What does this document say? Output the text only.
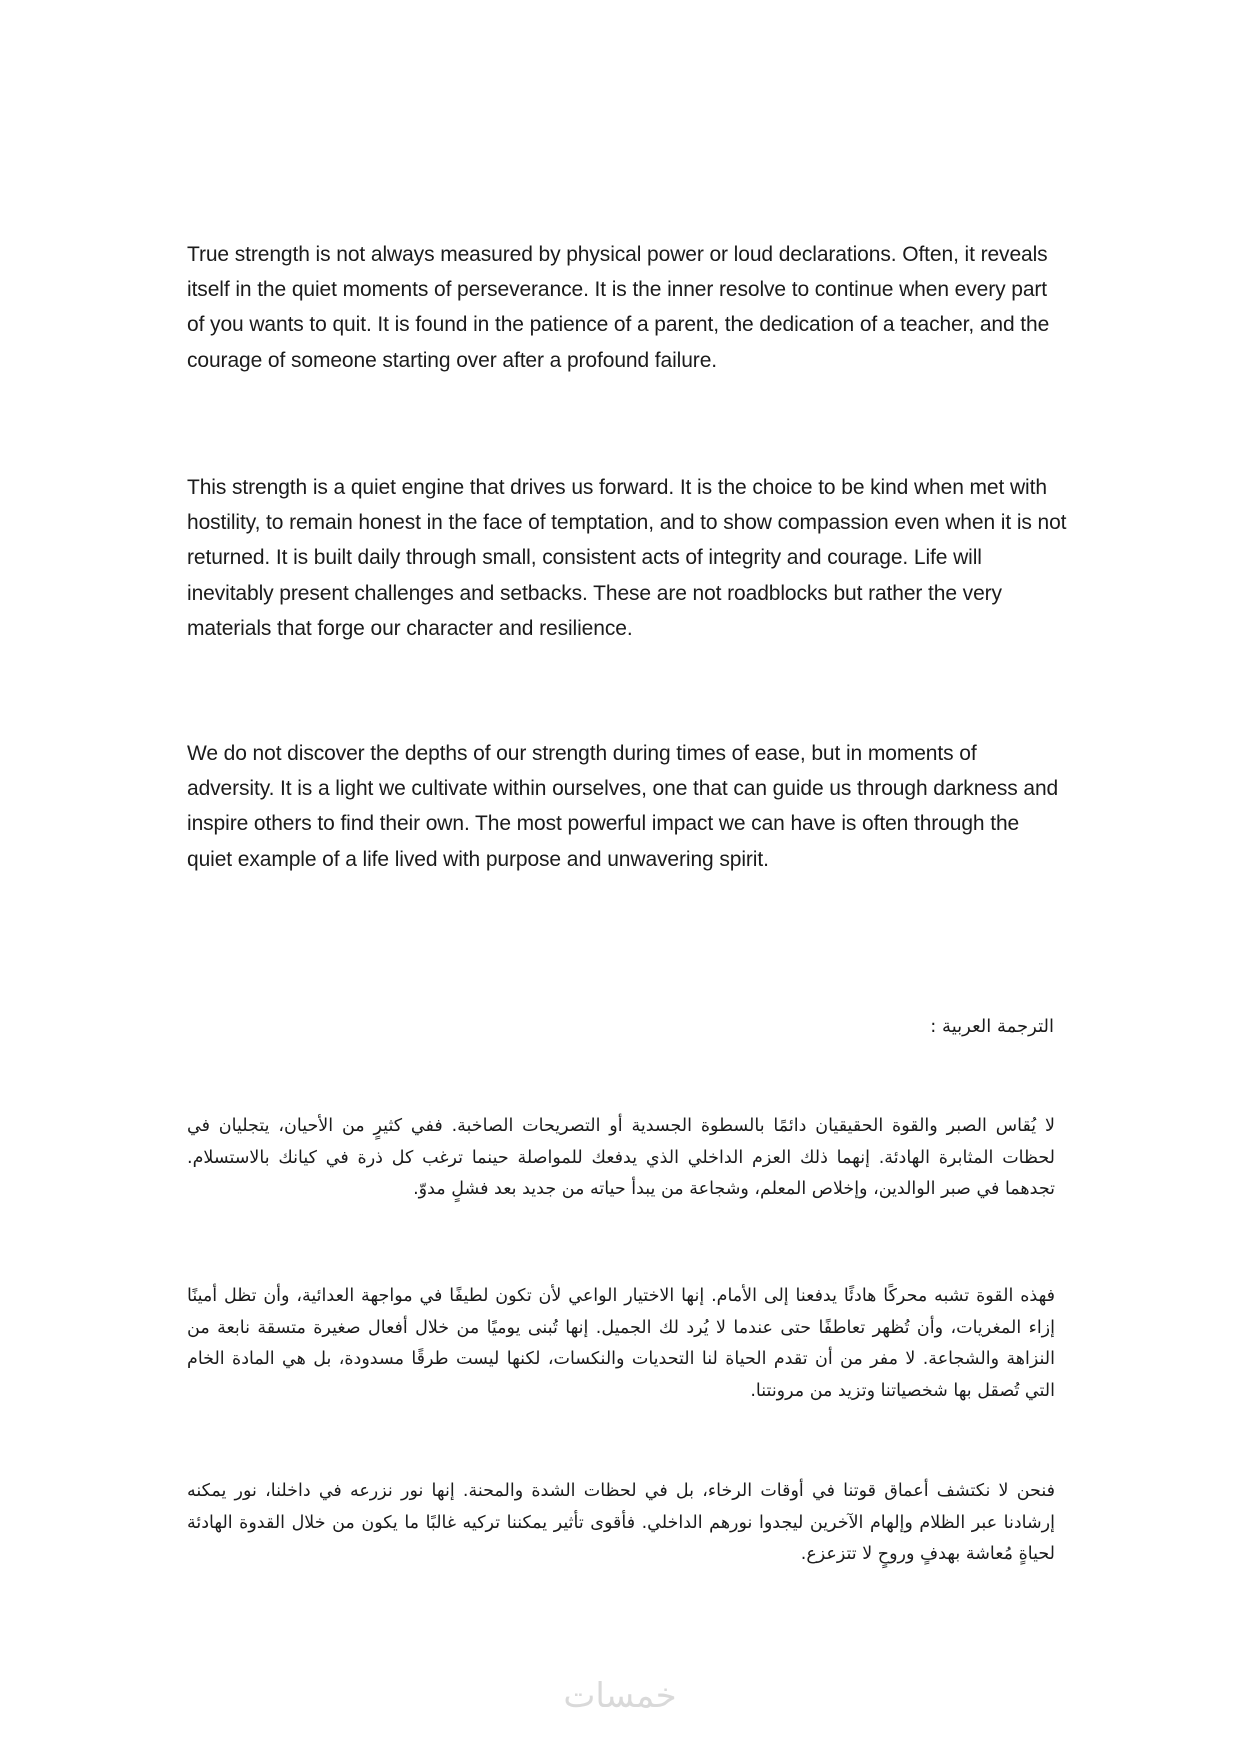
True strength is not always measured by physical power or loud declarations. Often, it reveals itself in the quiet moments of perseverance. It is the inner resolve to continue when every part of you wants to quit. It is found in the patience of a parent, the dedication of a teacher, and the courage of someone starting over after a profound failure.

This strength is a quiet engine that drives us forward. It is the choice to be kind when met with hostility, to remain honest in the face of temptation, and to show compassion even when it is not returned. It is built daily through small, consistent acts of integrity and courage. Life will inevitably present challenges and setbacks. These are not roadblocks but rather the very materials that forge our character and resilience.

We do not discover the depths of our strength during times of ease, but in moments of adversity. It is a light we cultivate within ourselves, one that can guide us through darkness and inspire others to find their own. The most powerful impact we can have is often through the quiet example of a life lived with purpose and unwavering spirit.

الترجمة العربية :

لا يُقاس الصبر والقوة الحقيقيان دائمًا بالسطوة الجسدية أو التصريحات الصاخبة. ففي كثيرٍ من الأحيان، يتجليان في لحظات المثابرة الهادئة. إنهما ذلك العزم الداخلي الذي يدفعك للمواصلة حينما ترغب كل ذرة في كيانك بالاستسلام. تجدهما في صبر الوالدين، وإخلاص المعلم، وشجاعة من يبدأ حياته من جديد بعد فشلٍ مدوّ.

فهذه القوة تشبه محركًا هادئًا يدفعنا إلى الأمام. إنها الاختيار الواعي لأن تكون لطيفًا في مواجهة العدائية، وأن تظل أمينًا إزاء المغريات، وأن تُظهر تعاطفًا حتى عندما لا يُرد لك الجميل. إنها تُبنى يوميًا من خلال أفعال صغيرة متسقة نابعة من النزاهة والشجاعة. لا مفر من أن تقدم الحياة لنا التحديات والنكسات، لكنها ليست طرقًا مسدودة، بل هي المادة الخام التي تُصقل بها شخصياتنا وتزيد من مرونتنا.

فنحن لا نكتشف أعماق قوتنا في أوقات الرخاء، بل في لحظات الشدة والمحنة. إنها نور نزرعه في داخلنا، نور يمكنه إرشادنا عبر الظلام وإلهام الآخرين ليجدوا نورهم الداخلي. فأقوى تأثير يمكننا تركيه غالبًا ما يكون من خلال القدوة الهادئة لحياةٍ مُعاشة بهدفٍ وروحٍ لا تتزعزع.

خمسات
